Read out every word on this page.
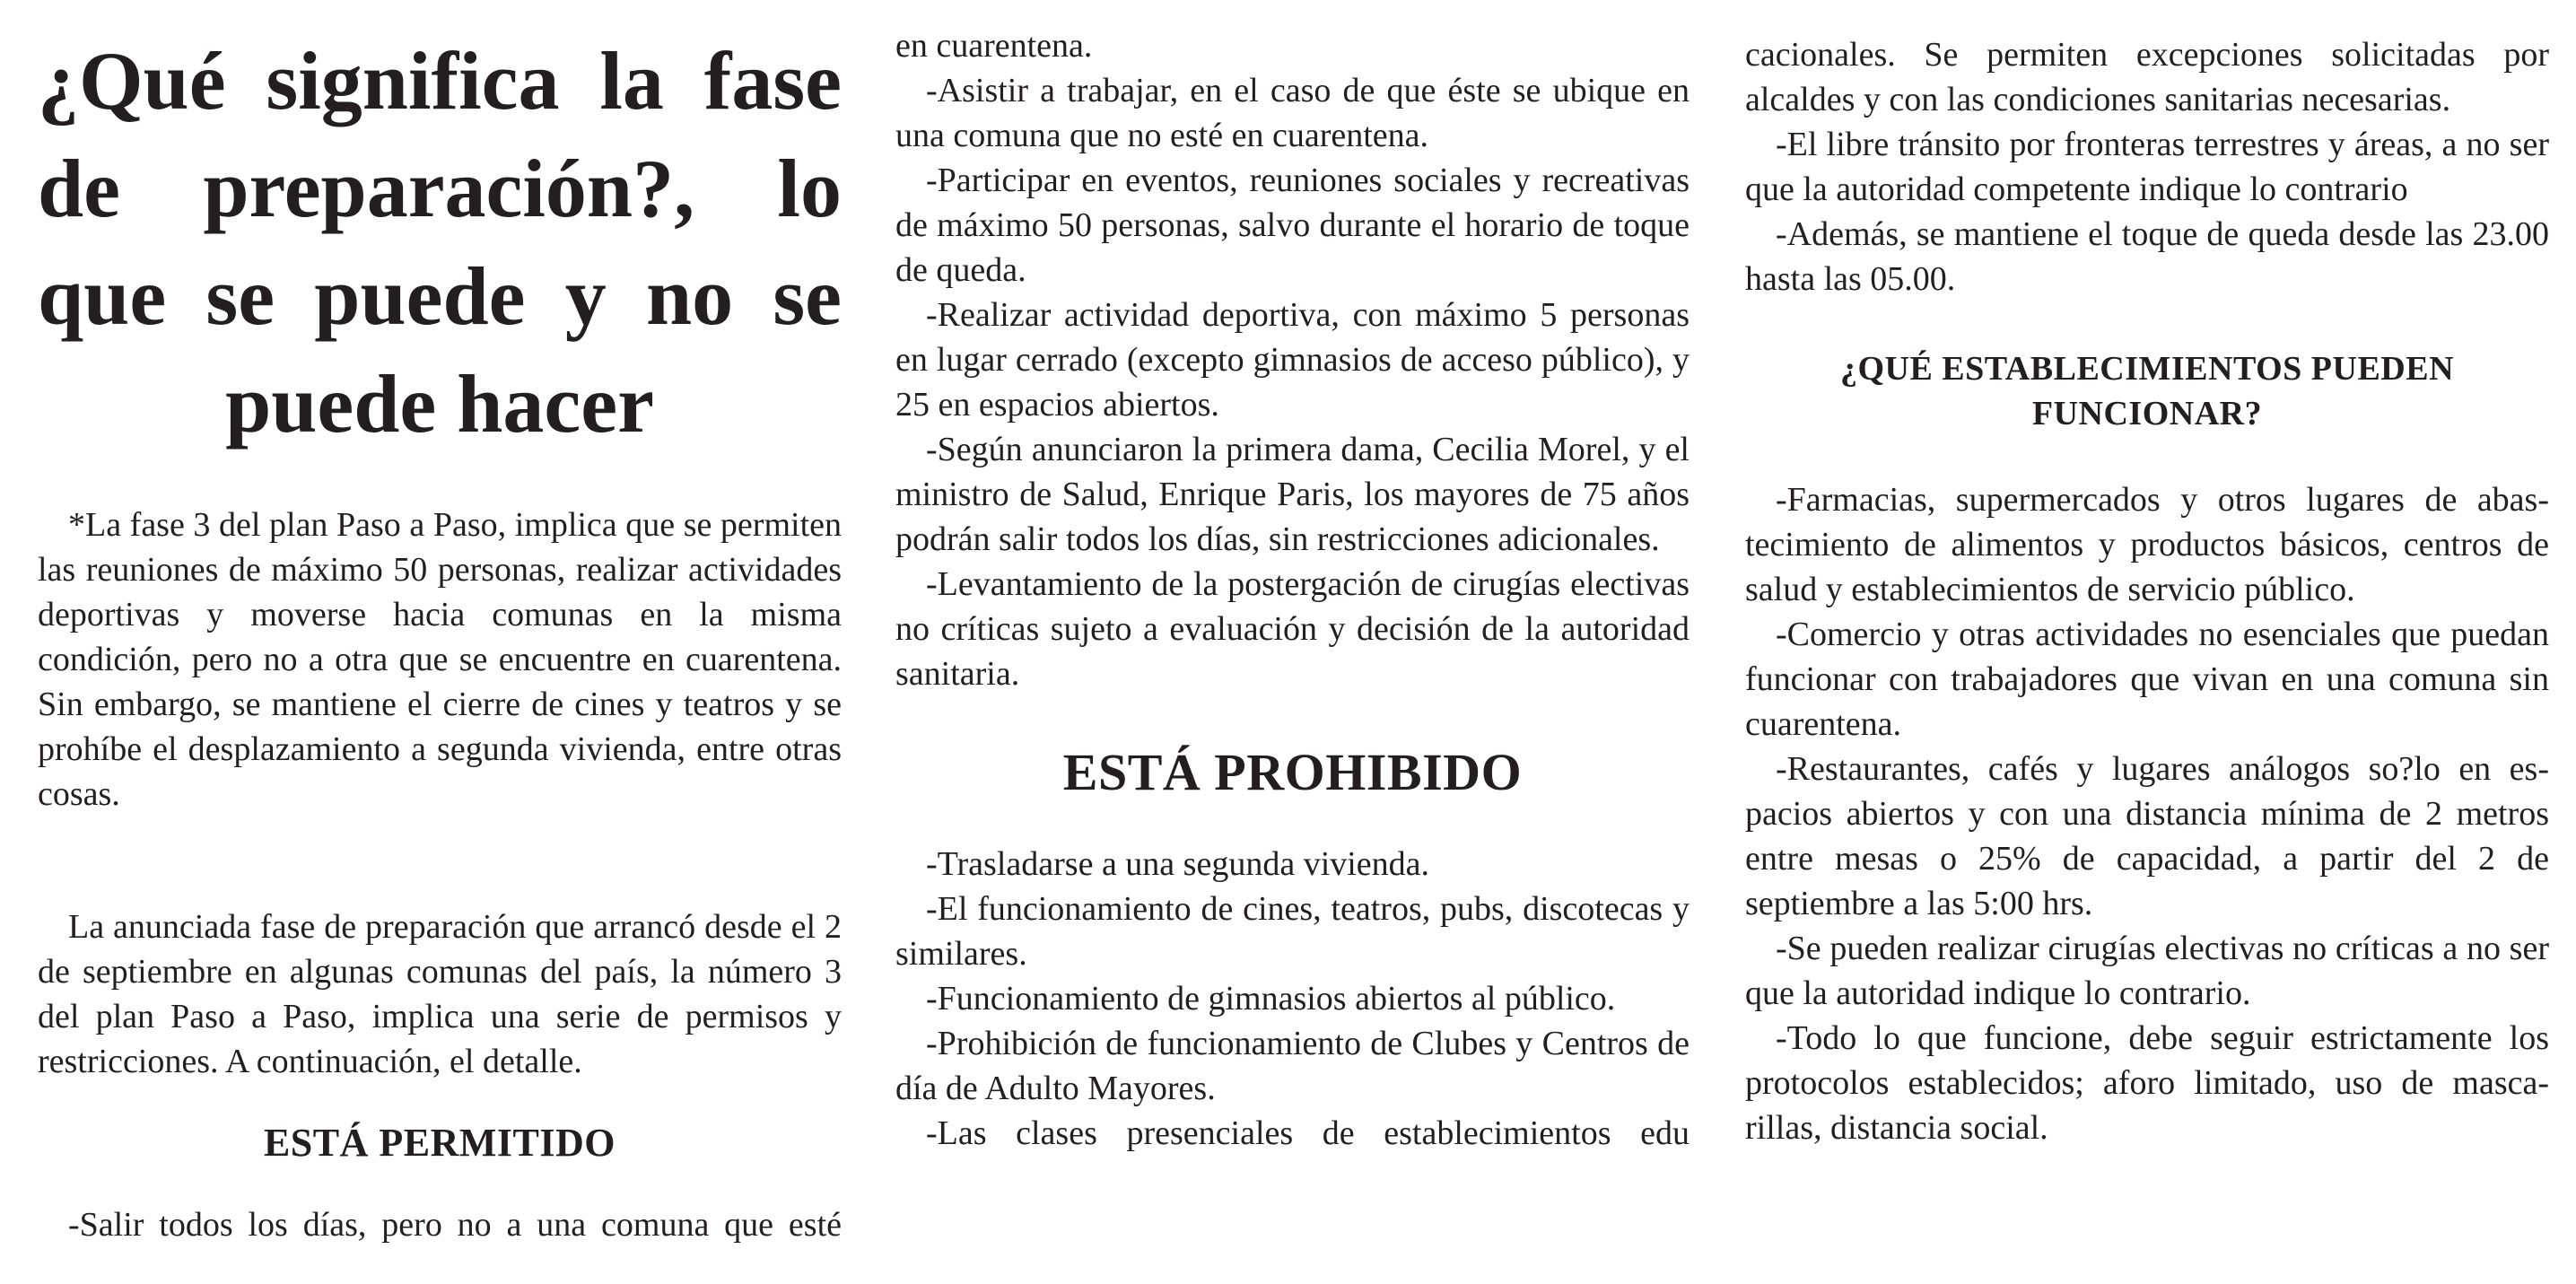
¿Qué significa la fase de preparación?, lo que se puede y no se puede hacer

*La fase 3 del plan Paso a Paso, implica que se permiten las reuniones de máximo 50 personas, realizar actividades deportivas y moverse hacia comunas en la misma condición, pero no a otra que se encuentre en cuarentena. Sin embargo, se mantiene el cierre de cines y teatros y se prohíbe el desplazamiento a segunda vivienda, entre otras cosas.

La anunciada fase de preparación que arrancó desde el 2 de septiembre en algunas comunas del país, la número 3 del plan Paso a Paso, implica una serie de permisos y restricciones. A continuación, el detalle.

ESTÁ PERMITIDO

-Salir todos los días, pero no a una comuna que esté

en cuarentena.

-Asistir a trabajar, en el caso de que éste se ubique en una comuna que no esté en cuarentena.

-Participar en eventos, reuniones sociales y recreativas de máximo 50 personas, salvo durante el horario de toque de queda.

-Realizar actividad deportiva, con máximo 5 personas en lugar cerrado (excepto gimnasios de acceso público), y 25 en espacios abiertos.

-Según anunciaron la primera dama, Cecilia Morel, y el ministro de Salud, Enrique Paris, los mayores de 75 años podrán salir todos los días, sin restricciones adicionales.

-Levantamiento de la postergación de cirugías electivas no críticas sujeto a evaluación y decisión de la autoridad sanitaria.

ESTÁ PROHIBIDO

-Trasladarse a una segunda vivienda.

-El funcionamiento de cines, teatros, pubs, discotecas y similares.

-Funcionamiento de gimnasios abiertos al público.

-Prohibición de funcionamiento de Clubes y Centros de día de Adulto Mayores.

-Las clases presenciales de establecimientos edu

cacionales. Se permiten excepciones solicitadas por alcaldes y con las condiciones sanitarias necesarias.

-El libre tránsito por fronteras terrestres y áreas, a no ser que la autoridad competente indique lo contrario

-Además, se mantiene el toque de queda desde las 23.00 hasta las 05.00.

¿QUÉ ESTABLECIMIENTOS PUEDEN FUNCIONAR?

-Farmacias, supermercados y otros lugares de abastecimiento de alimentos y productos básicos, centros de salud y establecimientos de servicio público.

-Comercio y otras actividades no esenciales que puedan funcionar con trabajadores que vivan en una comuna sin cuarentena.

-Restaurantes, cafés y lugares análogos so?lo en espacios abiertos y con una distancia mínima de 2 metros entre mesas o 25% de capacidad, a partir del 2 de septiembre a las 5:00 hrs.

-Se pueden realizar cirugías electivas no críticas a no ser que la autoridad indique lo contrario.

-Todo lo que funcione, debe seguir estrictamente los protocolos establecidos; aforo limitado, uso de mascarillas, distancia social.
